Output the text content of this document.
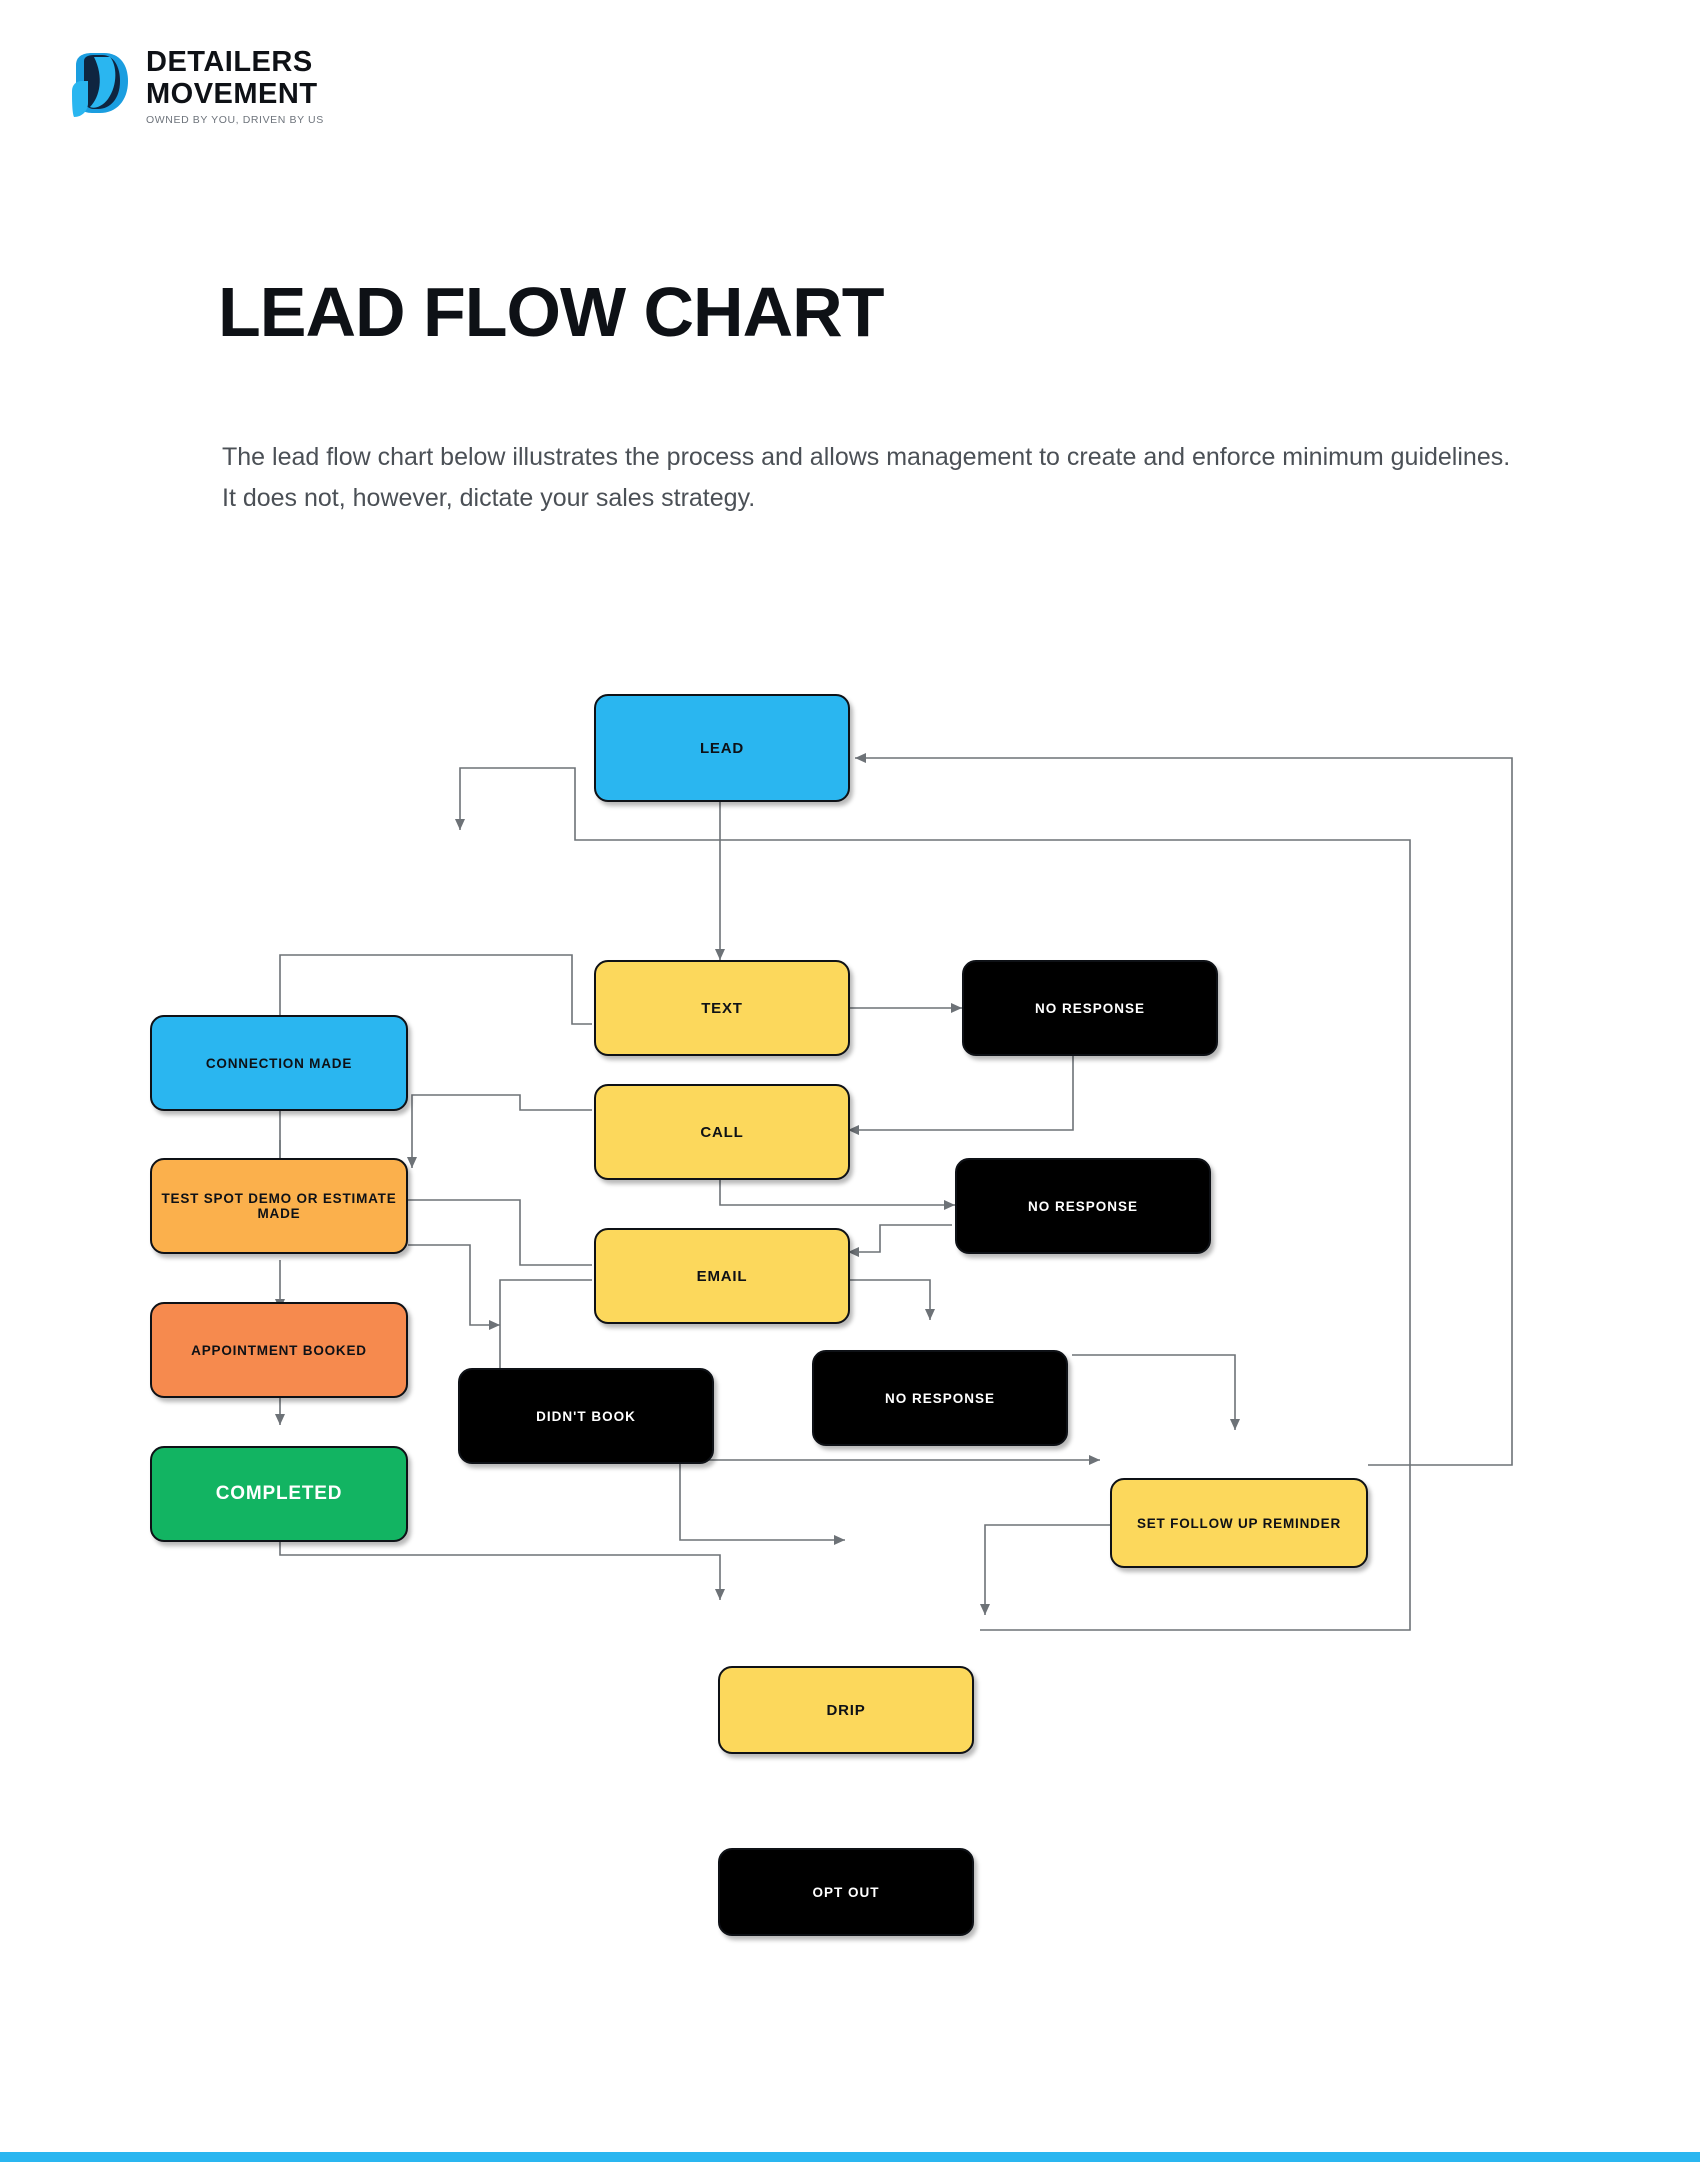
DETAILERS
MOVEMENT
OWNED BY YOU, DRIVEN BY US
LEAD FLOW CHART

The lead flow chart below illustrates the process and allows management to create and enforce minimum guidelines. It does not, however, dictate your sales strategy.

LEAD
TEXT
CALL
EMAIL
NO RESPONSE
NO RESPONSE
NO RESPONSE
CONNECTION MADE
TEST SPOT DEMO OR ESTIMATE MADE
APPOINTMENT BOOKED
COMPLETED
DIDN'T BOOK
SET FOLLOW UP REMINDER
DRIP
OPT OUT
